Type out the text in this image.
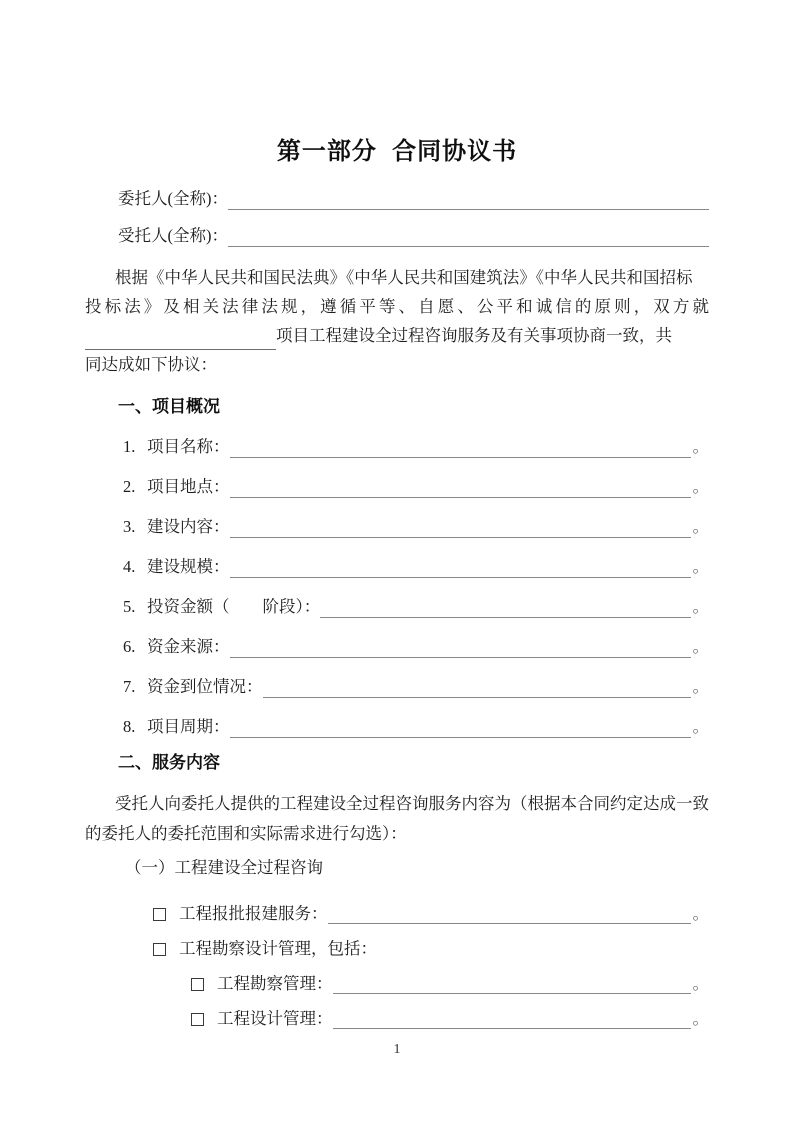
第一部分  合同协议书
委托人(全称)：
受托人(全称)：
根据《中华人民共和国民法典》《中华人民共和国建筑法》《中华人民共和国招标
投标法》及相关法律法规，遵循平等、自愿、公平和诚信的原则，双方就
项目工程建设全过程咨询服务及有关事项协商一致，共
同达成如下协议：
一、项目概况
1. 项目名称：	。
2. 项目地点：	。
3. 建设内容：	。
4. 建设规模：	。
5. 投资金额（　　阶段）：	。
6. 资金来源：	。
7. 资金到位情况：	。
8. 项目周期：	。
二、服务内容
受托人向委托人提供的工程建设全过程咨询服务内容为（根据本合同约定达成一致
的委托人的委托范围和实际需求进行勾选）：
（一）工程建设全过程咨询
工程报批报建服务：	。
工程勘察设计管理，包括：
工程勘察管理：	。
工程设计管理：	。
1
